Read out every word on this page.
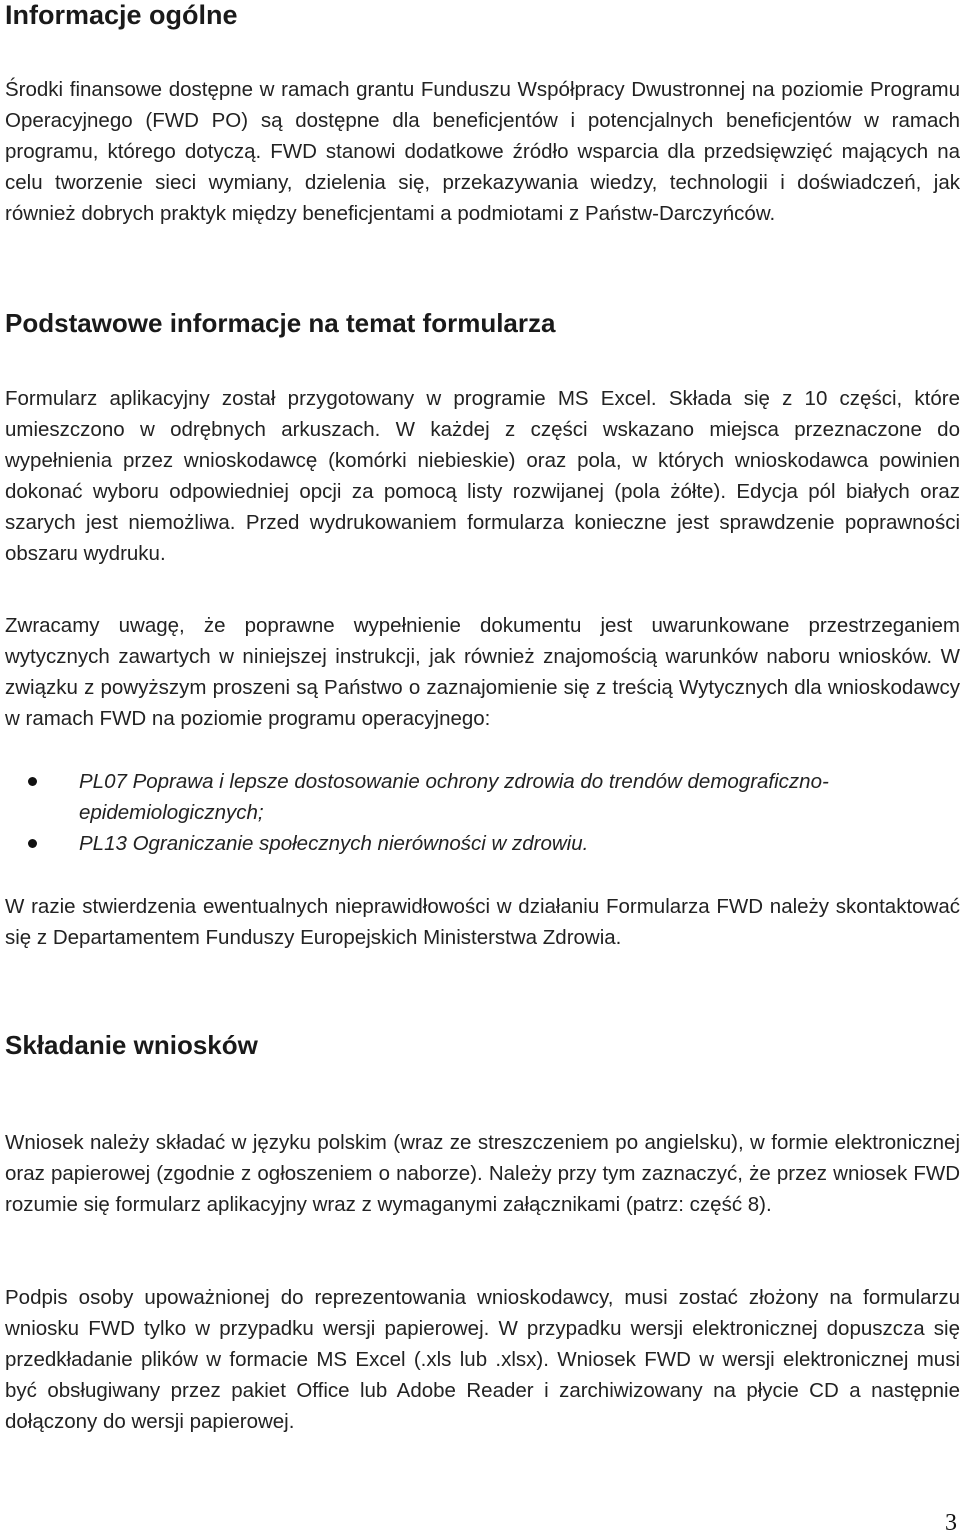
Informacje ogólne

Środki finansowe dostępne w ramach grantu Funduszu Współpracy Dwustronnej na poziomie Programu Operacyjnego (FWD PO) są dostępne dla beneficjentów i potencjalnych beneficjentów w ramach programu, którego dotyczą. FWD stanowi dodatkowe źródło wsparcia dla przedsięwzięć mających na celu tworzenie sieci wymiany, dzielenia się, przekazywania wiedzy, technologii i doświadczeń, jak również dobrych praktyk między beneficjentami a podmiotami z Państw-Darczyńców.

Podstawowe informacje na temat formularza

Formularz aplikacyjny został przygotowany w programie MS Excel. Składa się z 10 części, które umieszczono w odrębnych arkuszach. W każdej z części wskazano miejsca przeznaczone do wypełnienia przez wnioskodawcę (komórki niebieskie) oraz pola, w których wnioskodawca powinien dokonać wyboru odpowiedniej opcji za pomocą listy rozwijanej (pola żółte). Edycja pól białych oraz szarych jest niemożliwa. Przed wydrukowaniem formularza konieczne jest sprawdzenie poprawności obszaru wydruku.

Zwracamy uwagę, że poprawne wypełnienie dokumentu jest uwarunkowane przestrzeganiem wytycznych zawartych w niniejszej instrukcji, jak również znajomością warunków naboru wniosków. W związku z powyższym proszeni są Państwo o zaznajomienie się z treścią Wytycznych dla wnioskodawcy w ramach FWD na poziomie programu operacyjnego:

PL07 Poprawa i lepsze dostosowanie ochrony zdrowia do trendów demograficzno-epidemiologicznych;
PL13 Ograniczanie społecznych nierówności w zdrowiu.

W razie stwierdzenia ewentualnych nieprawidłowości w działaniu Formularza FWD należy skontaktować się z Departamentem Funduszy Europejskich Ministerstwa Zdrowia.

Składanie wniosków

Wniosek należy składać w języku polskim (wraz ze streszczeniem po angielsku), w formie elektronicznej oraz papierowej (zgodnie z ogłoszeniem o naborze). Należy przy tym zaznaczyć, że przez wniosek FWD rozumie się formularz aplikacyjny wraz z wymaganymi załącznikami (patrz: część 8).

Podpis osoby upoważnionej do reprezentowania wnioskodawcy, musi zostać złożony na formularzu wniosku FWD tylko w przypadku wersji papierowej. W przypadku wersji elektronicznej dopuszcza się przedkładanie plików w formacie MS Excel (.xls lub .xlsx). Wniosek FWD w wersji elektronicznej musi być obsługiwany przez pakiet Office lub Adobe Reader i zarchiwizowany na płycie CD a następnie dołączony do wersji papierowej.

3
